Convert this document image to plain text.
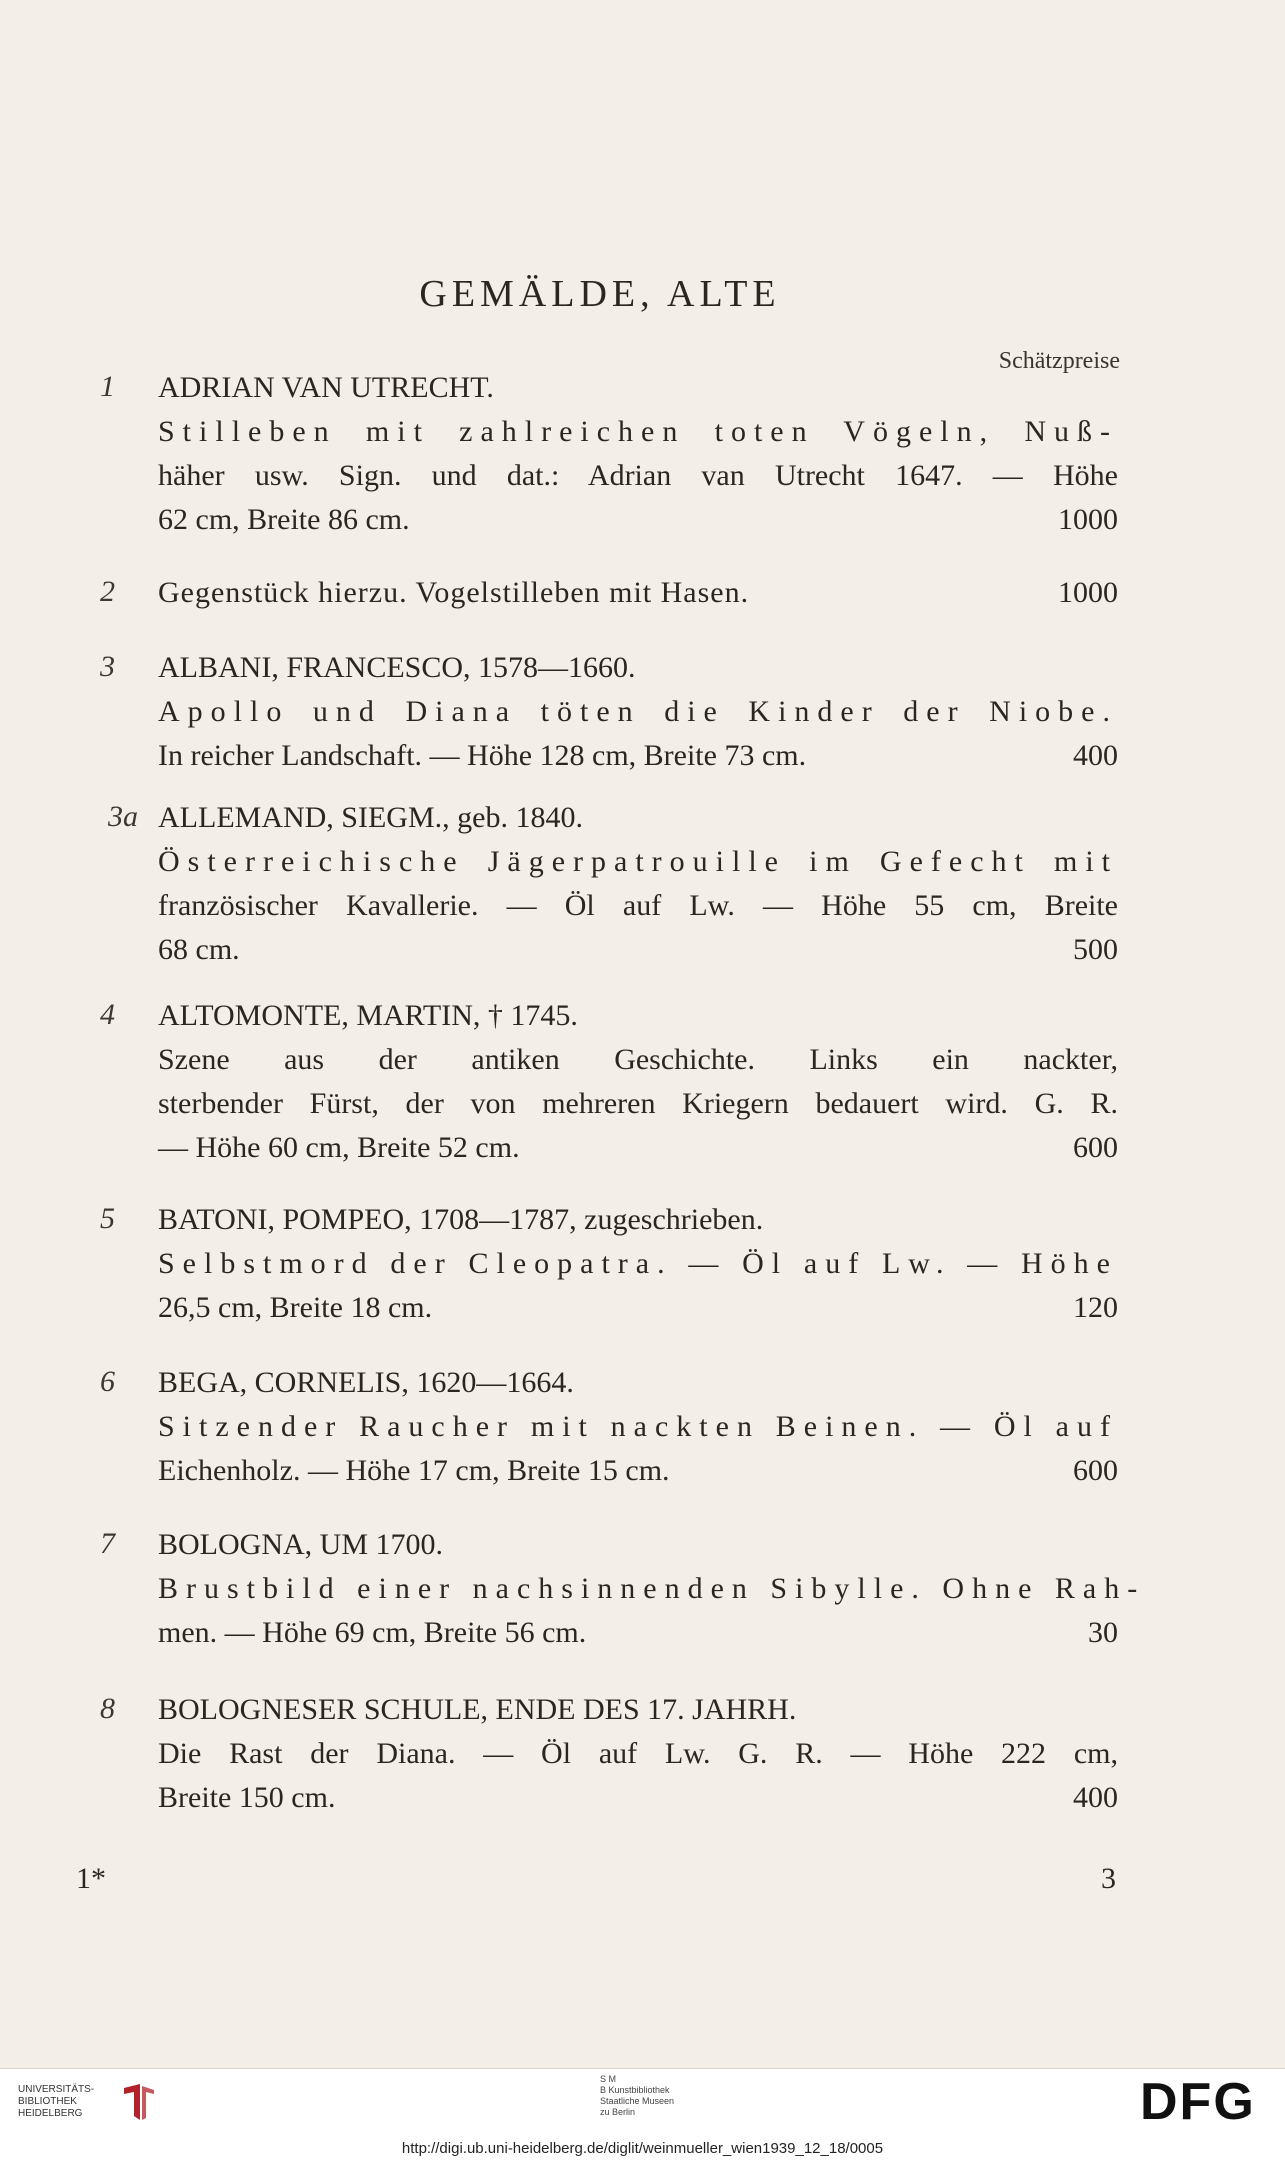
GEMÄLDE, ALTE
Schätzpreise
1	ADRIAN VAN UTRECHT.
Stilleben mit zahlreichen toten Vögeln, Nuß-
häher usw. Sign. und dat.: Adrian van Utrecht 1647. — Höhe
62 cm, Breite 86 cm.	1000
2	Gegenstück hierzu. Vogelstilleben mit Hasen.	1000
3	ALBANI, FRANCESCO, 1578—1660.
Apollo und Diana töten die Kinder der Niobe.
In reicher Landschaft. — Höhe 128 cm, Breite 73 cm.	400
3a ALLEMAND, SIEGM., geb. 1840.
Österreichische Jägerpatrouille im Gefecht mit
französischer Kavallerie. — Öl auf Lw. — Höhe 55 cm, Breite
68 cm.	500
4	ALTOMONTE, MARTIN, † 1745.
Szene aus der antiken Geschichte. Links ein nackter,
sterbender Fürst, der von mehreren Kriegern bedauert wird. G. R.
— Höhe 60 cm, Breite 52 cm.	600
5	BATONI, POMPEO, 1708—1787, zugeschrieben.
Selbstmord der Cleopatra. — Öl auf Lw. — Höhe
26,5 cm, Breite 18 cm.	120
6	BEGA, CORNELIS, 1620—1664.
Sitzender Raucher mit nackten Beinen. — Öl auf
Eichenholz. — Höhe 17 cm, Breite 15 cm.	600
7	BOLOGNA, UM 1700.
Brustbild einer nachsinnenden Sibylle. Ohne Rah-
men. — Höhe 69 cm, Breite 56 cm.	30
8	BOLOGNESER SCHULE, ENDE DES 17. JAHRH.
Die Rast der Diana. — Öl auf Lw. G. R. — Höhe 222 cm,
Breite 150 cm.	400
1*	3
UNIVERSITÄTS-
BIBLIOTHEK
HEIDELBERG
S M
B Kunstbibliothek
Staatliche Museen
zu Berlin	DFG
http://digi.ub.uni-heidelberg.de/diglit/weinmueller_wien1939_12_18/0005
